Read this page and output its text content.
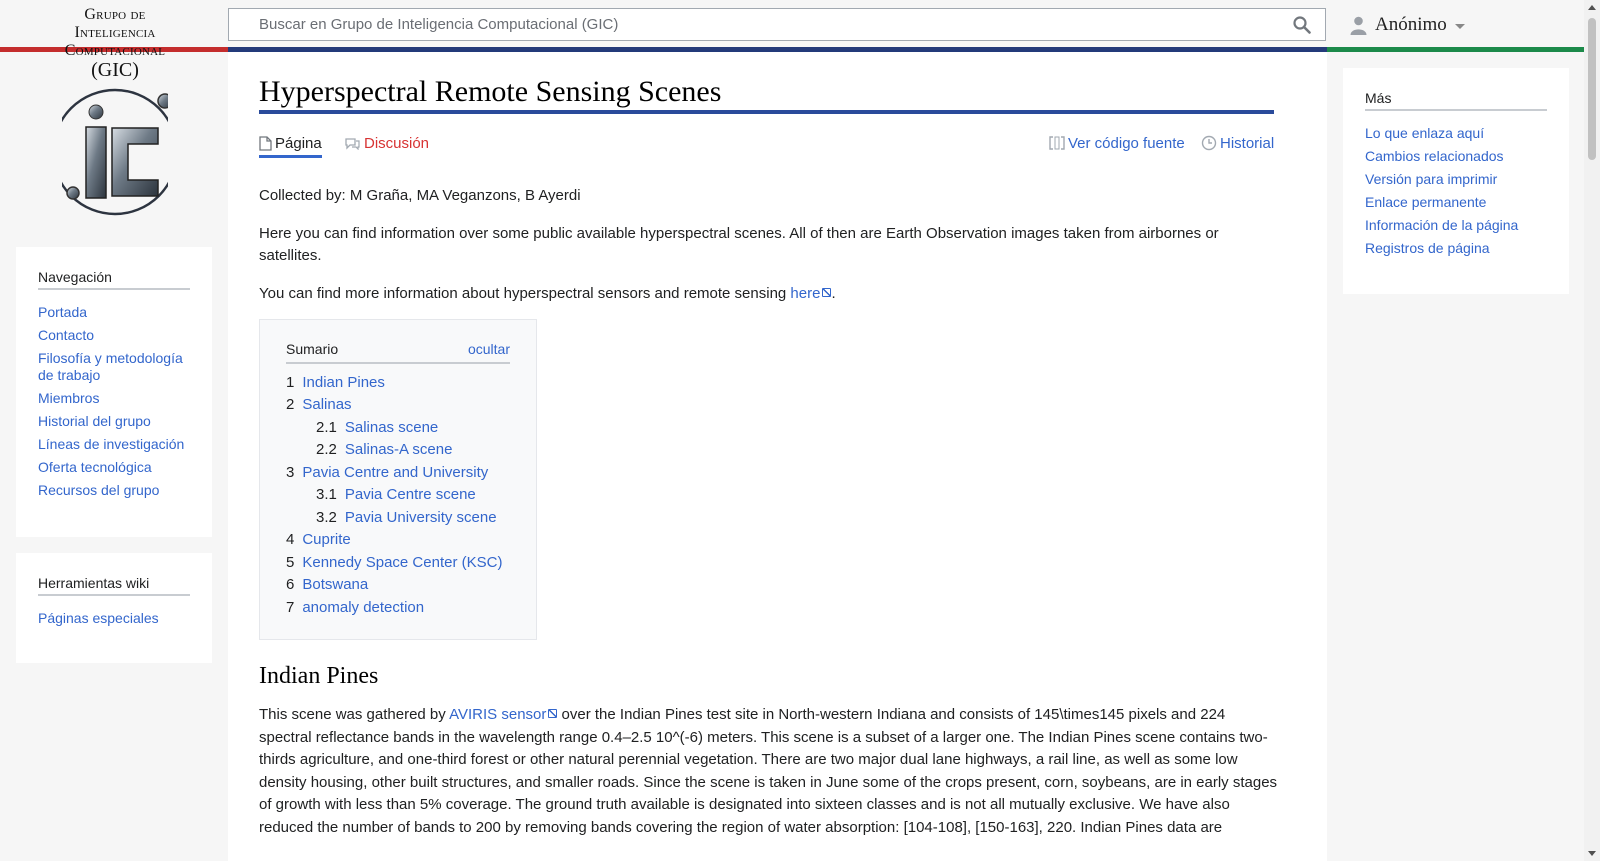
Grupo de
Inteligencia
Computacional
(GIC)
Buscar en Grupo de Inteligencia Computacional (GIC)
Anónimo
Navegación
Portada
Contacto
Filosofía y metodología de trabajo
Miembros
Historial del grupo
Líneas de investigación
Oferta tecnológica
Recursos del grupo
Herramientas wiki
Páginas especiales
Más
Lo que enlaza aquí
Cambios relacionados
Versión para imprimir
Enlace permanente
Información de la página
Registros de página
Hyperspectral Remote Sensing Scenes
Página	Discusión	Ver código fuente Historial

Collected by: M Graña, MA Veganzons, B Ayerdi

Here you can find information over some public available hyperspectral scenes. All of then are Earth Observation images taken from airbornes or satellites.

You can find more information about hyperspectral sensors and remote sensing here .

Sumario	ocultar
1 Indian Pines
2 Salinas
2.1 Salinas scene
2.2 Salinas-A scene
3 Pavia Centre and University
3.1 Pavia Centre scene
3.2 Pavia University scene
4 Cuprite
5 Kennedy Space Center (KSC)
6 Botswana
7 anomaly detection
Indian Pines

This scene was gathered by AVIRIS sensor over the Indian Pines test site in North-western Indiana and consists of 145\times145 pixels and 224 spectral reflectance bands in the wavelength range 0.4–2.5 10^(-6) meters. This scene is a subset of a larger one. The Indian Pines scene contains two-thirds agriculture, and one-third forest or other natural perennial vegetation. There are two major dual lane highways, a rail line, as well as some low density housing, other built structures, and smaller roads. Since the scene is taken in June some of the crops present, corn, soybeans, are in early stages of growth with less than 5% coverage. The ground truth available is designated into sixteen classes and is not all mutually exclusive. We have also reduced the number of bands to 200 by removing bands covering the region of water absorption: [104-108], [150-163], 220. Indian Pines data are
